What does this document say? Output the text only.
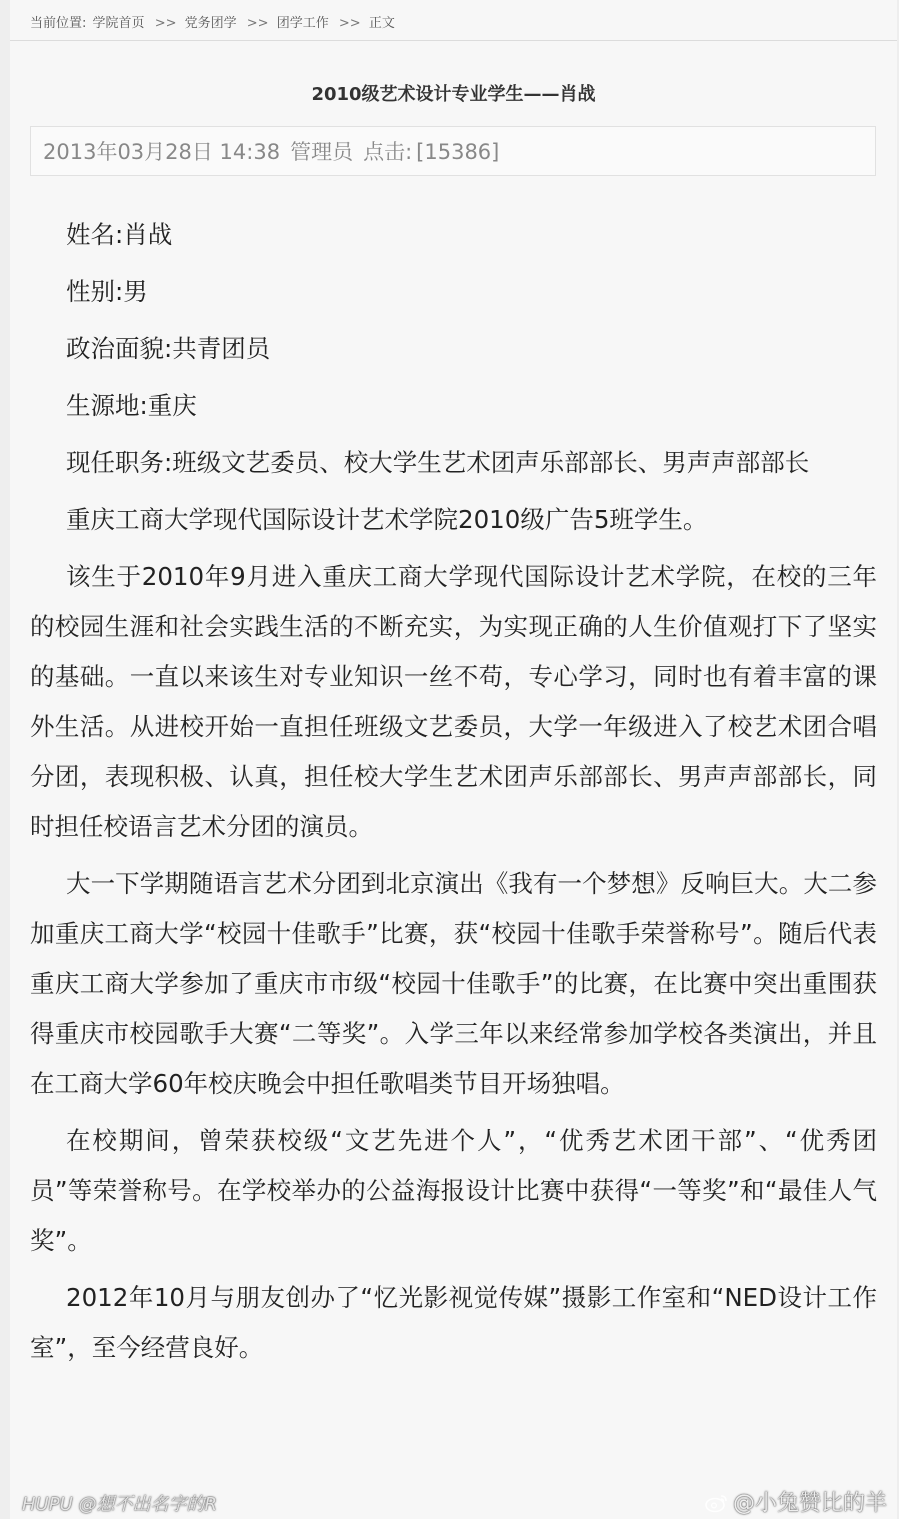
当前位置: 学院首页 >> 党务团学 >> 团学工作 >> 正文
2010级艺术设计专业学生——肖战
2013年03月28日 14:38 管理员 点击: [15386]
姓名:肖战
性别:男
政治面貌:共青团员
生源地:重庆
现任职务:班级文艺委员、校大学生艺术团声乐部部长、男声声部部长

重庆工商大学现代国际设计艺术学院2010级广告5班学生。

该生于2010年9月进入重庆工商大学现代国际设计艺术学院，在校的三年的校园生涯和社会实践生活的不断充实，为实现正确的人生价值观打下了坚实的基础。一直以来该生对专业知识一丝不苟，专心学习，同时也有着丰富的课外生活。从进校开始一直担任班级文艺委员，大学一年级进入了校艺术团合唱分团，表现积极、认真，担任校大学生艺术团声乐部部长、男声声部部长，同时担任校语言艺术分团的演员。

大一下学期随语言艺术分团到北京演出《我有一个梦想》反响巨大。大二参加重庆工商大学“校园十佳歌手”比赛，获“校园十佳歌手荣誉称号”。随后代表重庆工商大学参加了重庆市市级“校园十佳歌手”的比赛，在比赛中突出重围获得重庆市校园歌手大赛“二等奖”。入学三年以来经常参加学校各类演出，并且在工商大学60年校庆晚会中担任歌唱类节目开场独唱。

在校期间，曾荣获校级“文艺先进个人”，“优秀艺术团干部”、“优秀团员”等荣誉称号。在学校举办的公益海报设计比赛中获得“一等奖”和“最佳人气奖”。

2012年10月与朋友创办了“忆光影视觉传媒”摄影工作室和“NED设计工作室”，至今经营良好。

HUPU @想不出名字的R	@小兔赞比的羊
